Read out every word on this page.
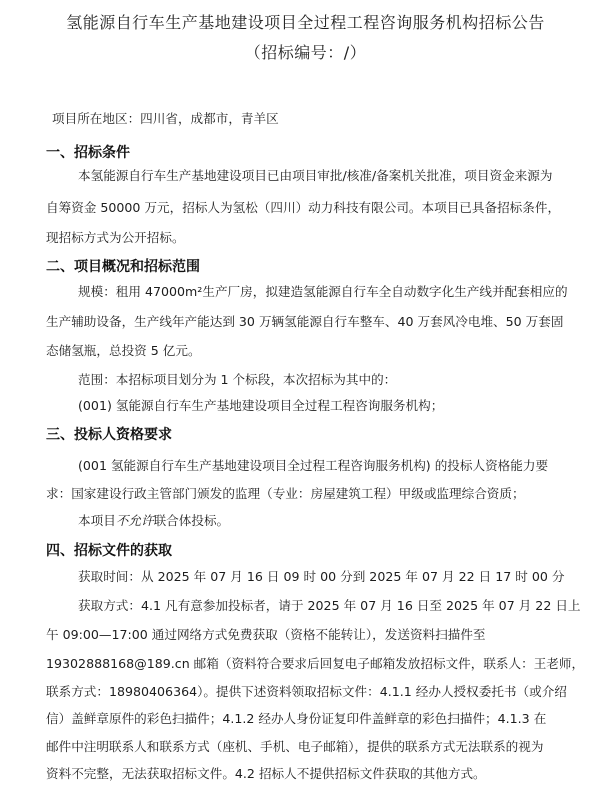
氢能源自行车生产基地建设项目全过程工程咨询服务机构招标公告
（招标编号：/）
项目所在地区：四川省，成都市，青羊区
一、招标条件
本氢能源自行车生产基地建设项目已由项目审批/核准/备案机关批准，项目资金来源为
自筹资金 50000 万元，招标人为氢松（四川）动力科技有限公司。本项目已具备招标条件，
现招标方式为公开招标。
二、项目概况和招标范围
规模：租用 47000m²生产厂房，拟建造氢能源自行车全自动数字化生产线并配套相应的
生产辅助设备，生产线年产能达到 30 万辆氢能源自行车整车、40 万套风冷电堆、50 万套固
态储氢瓶，总投资 5 亿元。
范围：本招标项目划分为 1 个标段，本次招标为其中的：
(001) 氢能源自行车生产基地建设项目全过程工程咨询服务机构；
三、投标人资格要求
(001 氢能源自行车生产基地建设项目全过程工程咨询服务机构) 的投标人资格能力要
求：国家建设行政主管部门颁发的监理（专业：房屋建筑工程）甲级或监理综合资质；
本项目不允许联合体投标。
四、招标文件的获取
获取时间：从 2025 年 07 月 16 日 09 时 00 分到 2025 年 07 月 22 日 17 时 00 分
获取方式：4.1 凡有意参加投标者，请于 2025 年 07 月 16 日至 2025 年 07 月 22 日上
午 09:00—17:00 通过网络方式免费获取（资格不能转让），发送资料扫描件至
19302888168@189.cn 邮箱（资料符合要求后回复电子邮箱发放招标文件，联系人：王老师，
联系方式：18980406364）。提供下述资料领取招标文件：4.1.1 经办人授权委托书（或介绍
信）盖鲜章原件的彩色扫描件；4.1.2 经办人身份证复印件盖鲜章的彩色扫描件；4.1.3 在
邮件中注明联系人和联系方式（座机、手机、电子邮箱），提供的联系方式无法联系的视为
资料不完整，无法获取招标文件。4.2 招标人不提供招标文件获取的其他方式。
